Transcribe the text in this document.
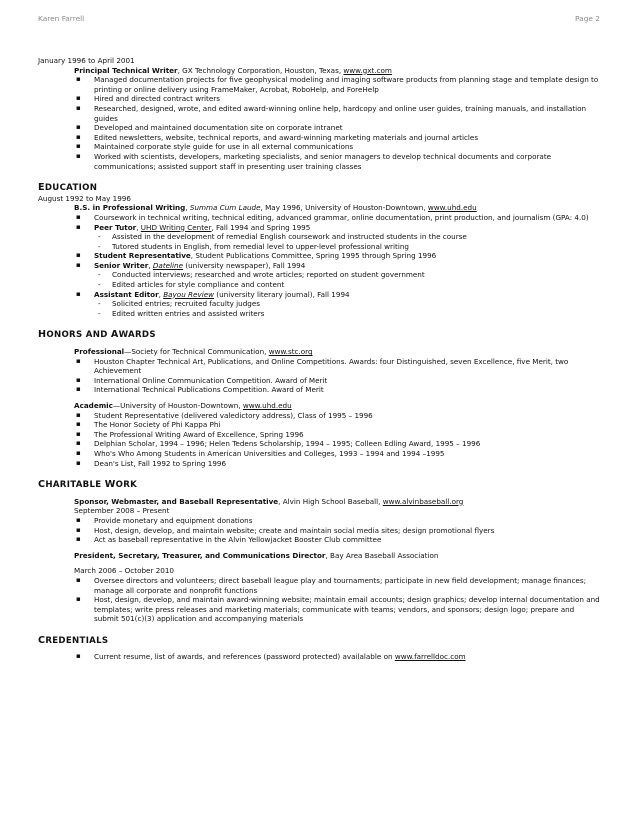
Karen Farrell	Page 2

January 1996 to April 2001

Principal Technical Writer, GX Technology Corporation, Houston, Texas, www.gxt.com

▪ Managed documentation projects for five geophysical modeling and imaging software products from planning stage and template design to printing or online delivery using FrameMaker, Acrobat, RoboHelp, and ForeHelp
▪ Hired and directed contract writers
▪ Researched, designed, wrote, and edited award-winning online help, hardcopy and online user guides, training manuals, and installation guides
▪ Developed and maintained documentation site on corporate intranet
▪ Edited newsletters, website, technical reports, and award-winning marketing materials and journal articles
▪ Maintained corporate style guide for use in all external communications
▪ Worked with scientists, developers, marketing specialists, and senior managers to develop technical documents and corporate communications; assisted support staff in presenting user training classes

EDUCATION

August 1992 to May 1996

B.S. in Professional Writing, Summa Cum Laude, May 1996, University of Houston-Downtown, www.uhd.edu

▪ Coursework in technical writing, technical editing, advanced grammar, online documentation, print production, and journalism (GPA: 4.0)
▪ Peer Tutor, UHD Writing Center, Fall 1994 and Spring 1995
- Assisted in the development of remedial English coursework and instructed students in the course
- Tutored students in English, from remedial level to upper-level professional writing
▪ Student Representative, Student Publications Committee, Spring 1995 through Spring 1996
▪ Senior Writer, Dateline (university newspaper), Fall 1994
- Conducted interviews; researched and wrote articles; reported on student government
- Edited articles for style compliance and content
▪ Assistant Editor, Bayou Review (university literary journal), Fall 1994
- Solicited entries; recruited faculty judges
- Edited written entries and assisted writers

HONORS AND AWARDS

Professional—Society for Technical Communication, www.stc.org

▪ Houston Chapter Technical Art, Publications, and Online Competitions. Awards: four Distinguished, seven Excellence, five Merit, two Achievement
▪ International Online Communication Competition. Award of Merit
▪ International Technical Publications Competition. Award of Merit

Academic—University of Houston-Downtown, www.uhd.edu

▪ Student Representative (delivered valedictory address), Class of 1995 – 1996
▪ The Honor Society of Phi Kappa Phi
▪ The Professional Writing Award of Excellence, Spring 1996
▪ Delphian Scholar, 1994 – 1996; Helen Tedens Scholarship, 1994 – 1995; Colleen Edling Award, 1995 – 1996
▪ Who's Who Among Students in American Universities and Colleges, 1993 – 1994 and 1994 –1995
▪ Dean's List, Fall 1992 to Spring 1996

CHARITABLE WORK

Sponsor, Webmaster, and Baseball Representative, Alvin High School Baseball, www.alvinbaseball.org

September 2008 – Present

▪ Provide monetary and equipment donations
▪ Host, design, develop, and maintain website; create and maintain social media sites; design promotional flyers
▪ Act as baseball representative in the Alvin Yellowjacket Booster Club committee

President, Secretary, Treasurer, and Communications Director, Bay Area Baseball Association

March 2006 – October 2010

▪ Oversee directors and volunteers; direct baseball league play and tournaments; participate in new field development; manage finances; manage all corporate and nonprofit functions
▪ Host, design, develop, and maintain award-winning website; maintain email accounts; design graphics; develop internal documentation and templates; write press releases and marketing materials; communicate with teams; vendors, and sponsors; design logo; prepare and submit 501(c)(3) application and accompanying materials

CREDENTIALS

▪ Current resume, list of awards, and references (password protected) availalable on www.farrelldoc.com
